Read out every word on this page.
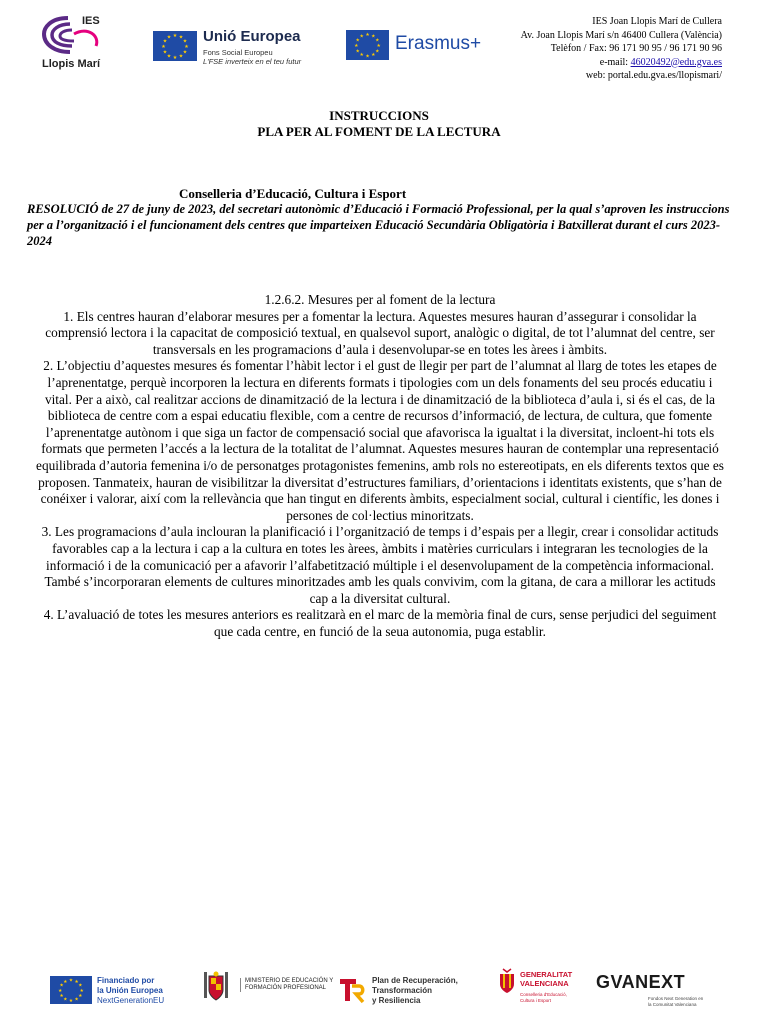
IES
Llopis Marí
★ ★
★
★
★
★
★
★
★
★
★
★ Unió Europea
Fons Social Europeu
L'FSE inverteix en el teu futur
★ ★
★
★
★
★
★
★
★
★
★
★ Erasmus+
IES Joan Llopis Marí de Cullera
Av. Joan Llopis Marí s/n 46400 Cullera (València)
Telèfon / Fax: 96 171 90 95 / 96 171 90 96
e-mail: 46020492@edu.gva.es
web: portal.edu.gva.es/llopismari/
INSTRUCCIONS
PLA PER AL FOMENT DE LA LECTURA
Conselleria d’Educació, Cultura i Esport
RESOLUCIÓ de 27 de juny de 2023, del secretari autonòmic d’Educació i Formació Professional, per la qual s’aproven les instruccions per a l’organització i el funcionament dels centres que imparteixen Educació Secundària Obligatòria i Batxillerat durant el curs 2023-2024

1.2.6.2. Mesures per al foment de la lectura

1. Els centres hauran d’elaborar mesures per a fomentar la lectura. Aquestes mesures hauran d’assegurar i consolidar la comprensió lectora i la capacitat de composició textual, en qualsevol suport, analògic o digital, de tot l’alumnat del centre, ser transversals en les programacions d’aula i desenvolupar-se en totes les àrees i àmbits.

2. L’objectiu d’aquestes mesures és fomentar l’hàbit lector i el gust de llegir per part de l’alumnat al llarg de totes les etapes de l’aprenentatge, perquè incorporen la lectura en diferents formats i tipologies com un dels fonaments del seu procés educatiu i vital. Per a això, cal realitzar accions de dinamització de la lectura i de dinamització de la biblioteca d’aula i, si és el cas, de la biblioteca de centre com a espai educatiu flexible, com a centre de recursos d’informació, de lectura, de cultura, que fomente l’aprenentatge autònom i que siga un factor de compensació social que afavorisca la igualtat i la diversitat, incloent-hi tots els formats que permeten l’accés a la lectura de la totalitat de l’alumnat. Aquestes mesures hauran de contemplar una representació equilibrada d’autoria femenina i/o de personatges protagonistes femenins, amb rols no estereotipats, en els diferents textos que es proposen. Tanmateix, hauran de visibilitzar la diversitat d’estructures familiars, d’orientacions i identitats existents, que s’han de conéixer i valorar, així com la rellevància que han tingut en diferents àmbits, especialment social, cultural i científic, les dones i persones de col·lectius minoritzats.

3. Les programacions d’aula inclouran la planificació i l’organització de temps i d’espais per a llegir, crear i consolidar actituds favorables cap a la lectura i cap a la cultura en totes les àrees, àmbits i matèries curriculars i integraran les tecnologies de la informació i de la comunicació per a afavorir l’alfabetització múltiple i el desenvolupament de la competència informacional. També s’incorporaran elements de cultures minoritzades amb les quals convivim, com la gitana, de cara a millorar les actituds cap a la diversitat cultural.

4. L’avaluació de totes les mesures anteriors es realitzarà en el marc de la memòria final de curs, sense perjudici del seguiment que cada centre, en funció de la seua autonomia, puga establir.

★ ★
★
★
★
★
★
★
★
★
★
★	Financiado por
la Unión Europea
NextGenerationEU
MINISTERIO DE EDUCACIÓN Y FORMACIÓN PROFESIONAL
Plan de Recuperación,
Transformación
y Resiliencia
GENERALITAT
VALENCIANA
Conselleria d'Educació, Cultura i Esport
GVANEXT
Fondos Next Generation en la Comunitat Valenciana
